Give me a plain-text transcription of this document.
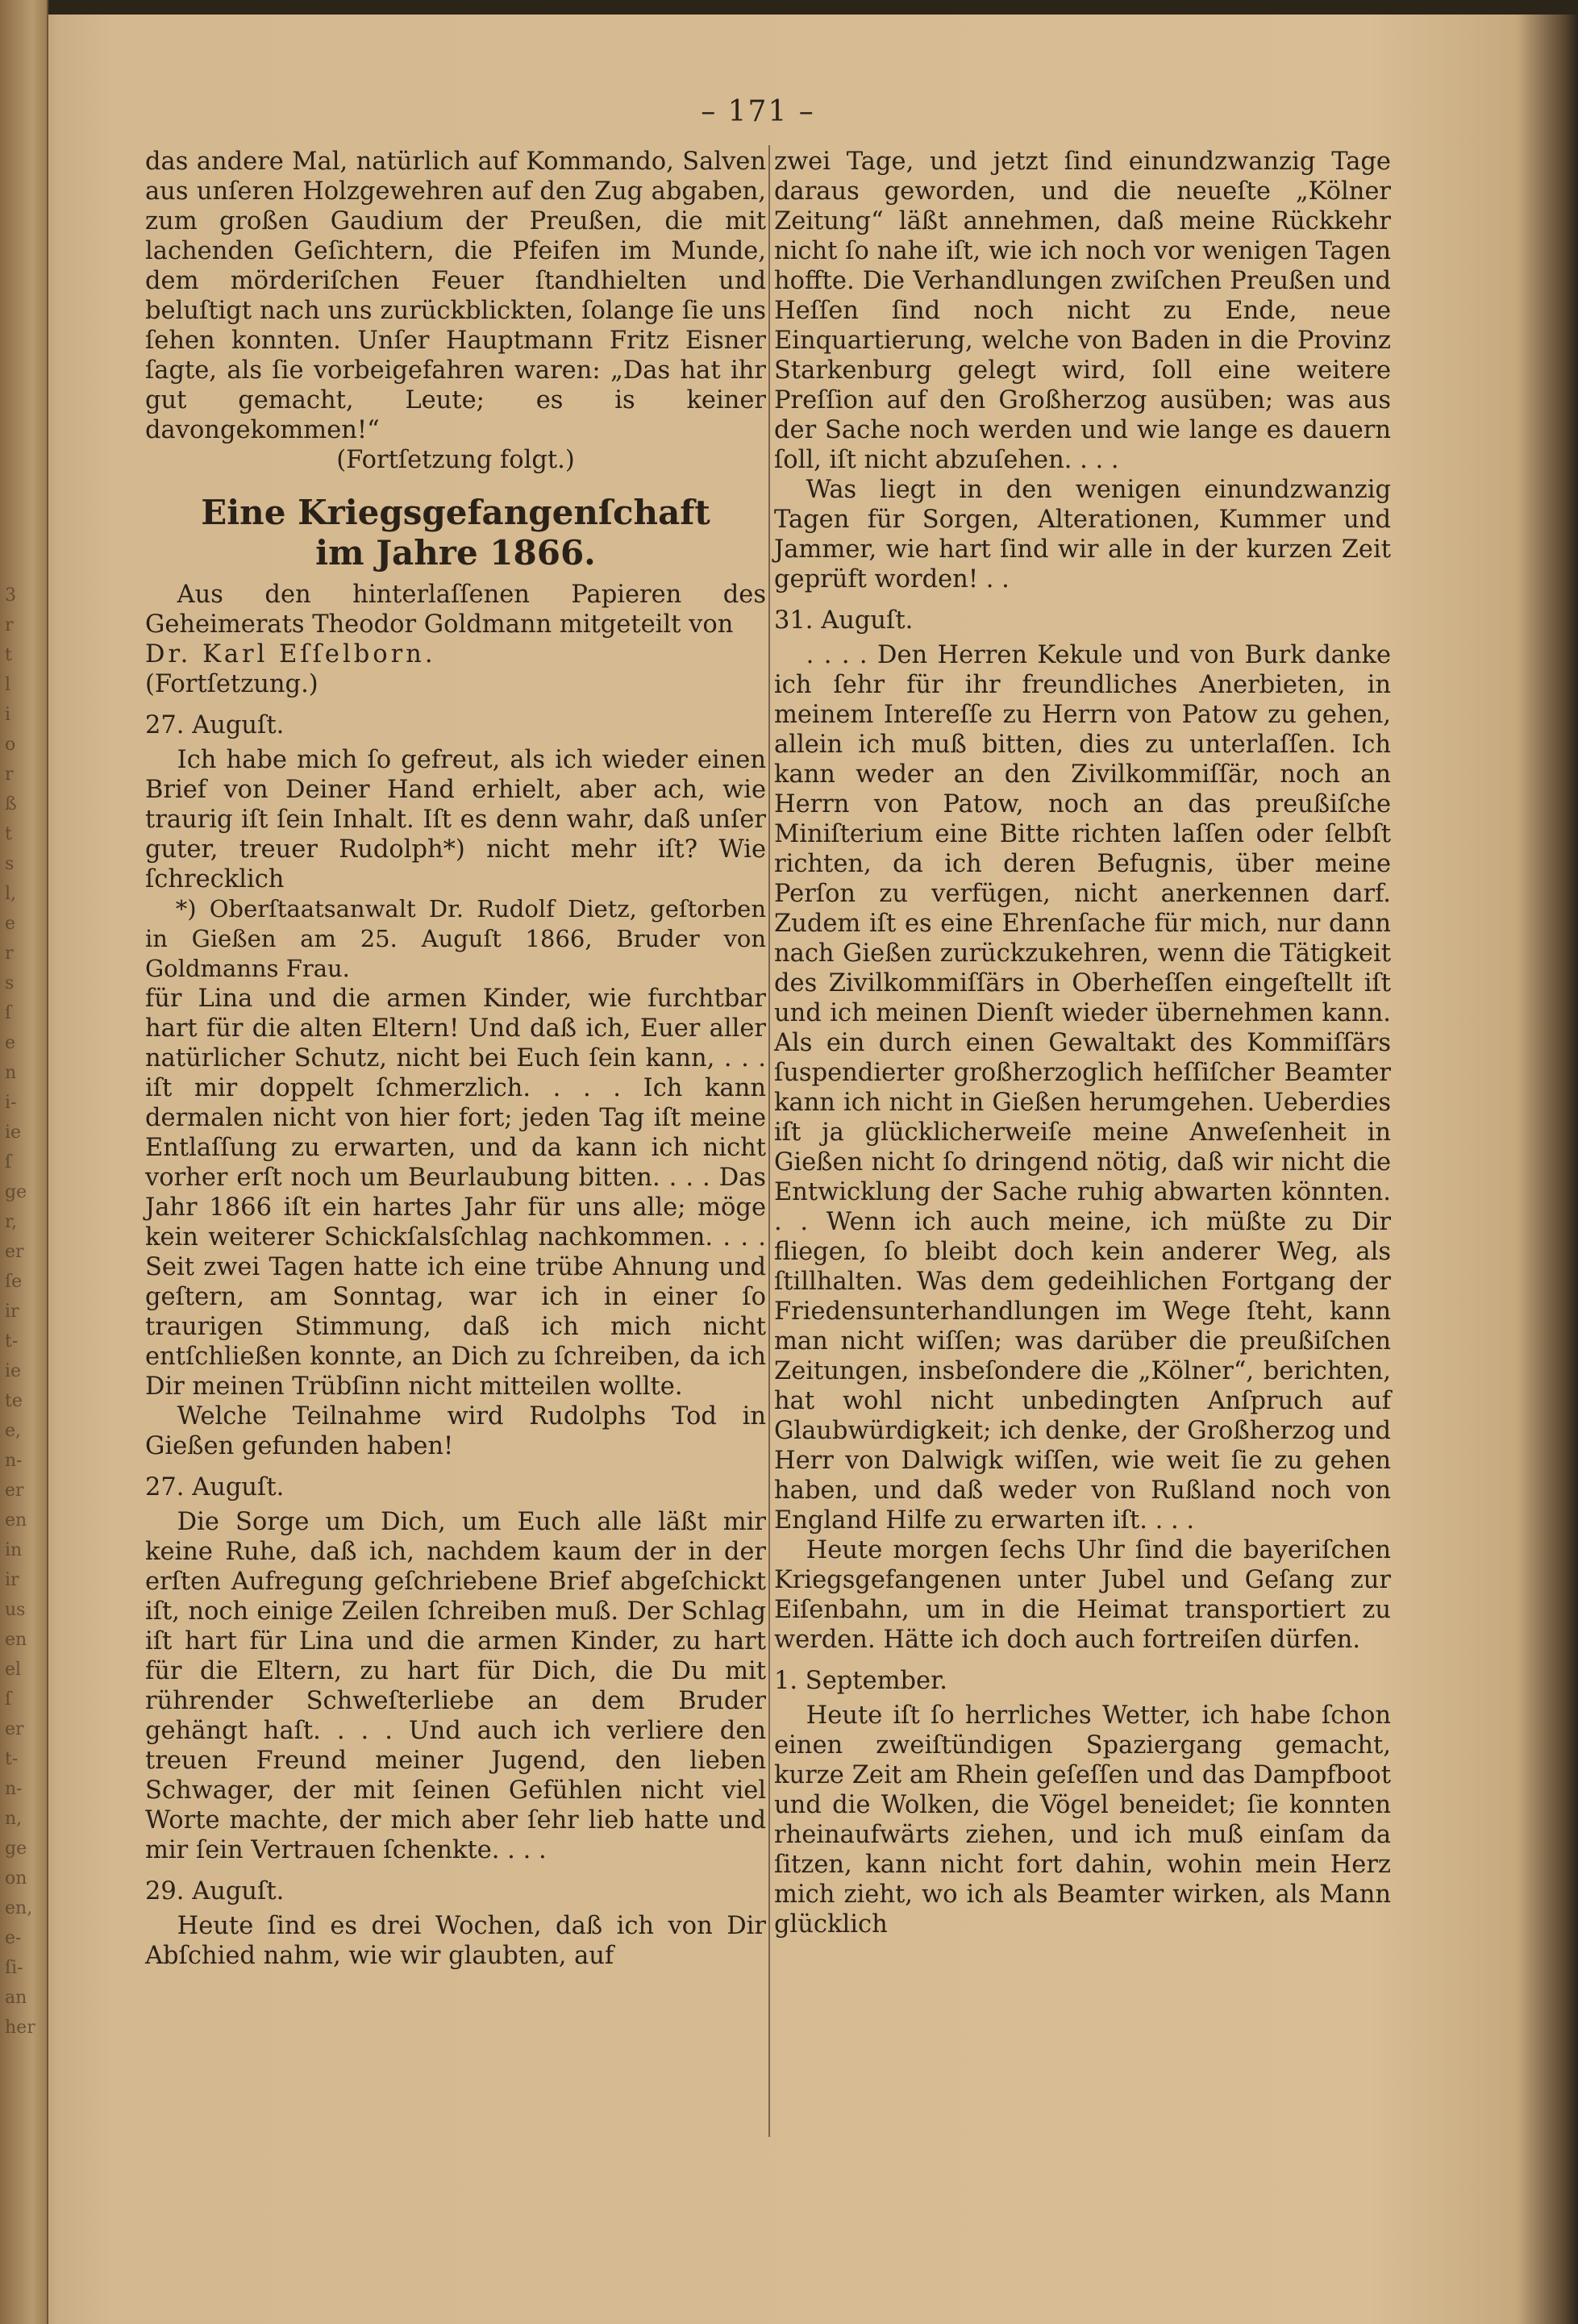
3
r
t
l
i
o
r
ß
t
s
l,
e
r
s
ſ
e
n
i-
ie
ſ
ge
r,
er
ſe
ir
t-
ie
te
e,
n-
er
en
in
ir
us
en
el
ſ
er
t-
n-
n,
ge
on
en,
e-
ſi-
an
her
– 171 –

das andere Mal, natürlich auf Kommando, Salven aus unſeren Holzgewehren auf den Zug abgaben, zum großen Gaudium der Preußen, die mit lachenden Geſichtern, die Pfeifen im Munde, dem mörderiſchen Feuer ſtandhielten und beluſtigt nach uns zurückblickten, ſolange ſie uns ſehen konnten. Unſer Hauptmann Fritz Eisner ſagte, als ſie vorbeigefahren waren: „Das hat ihr gut gemacht, Leute; es is keiner davongekommen!“

(Fortſetzung folgt.)

Eine Kriegsgefangenſchaft
im Jahre 1866.

Aus den hinterlaſſenen Papieren des Geheimerats Theodor Goldmann mitgeteilt von

Dr. Karl Eſſelborn.

(Fortſetzung.)

27. Auguſt.

Ich habe mich ſo gefreut, als ich wieder einen Brief von Deiner Hand erhielt, aber ach, wie traurig iſt ſein Inhalt. Iſt es denn wahr, daß unſer guter, treuer Rudolph*) nicht mehr iſt? Wie ſchrecklich

*) Oberſtaatsanwalt Dr. Rudolf Dietz, geſtorben in Gießen am 25. Auguſt 1866, Bruder von Goldmanns Frau.

für Lina und die armen Kinder, wie furchtbar hart für die alten Eltern! Und daß ich, Euer aller natürlicher Schutz, nicht bei Euch ſein kann, . . . iſt mir doppelt ſchmerzlich. . . . Ich kann dermalen nicht von hier fort; jeden Tag iſt meine Entlaſſung zu erwarten, und da kann ich nicht vorher erſt noch um Beurlaubung bitten. . . . Das Jahr 1866 iſt ein hartes Jahr für uns alle; möge kein weiterer Schickſalsſchlag nachkommen. . . . Seit zwei Tagen hatte ich eine trübe Ahnung und geſtern, am Sonntag, war ich in einer ſo traurigen Stimmung, daß ich mich nicht entſchließen konnte, an Dich zu ſchreiben, da ich Dir meinen Trübſinn nicht mitteilen wollte.

Welche Teilnahme wird Rudolphs Tod in Gießen gefunden haben!

27. Auguſt.

Die Sorge um Dich, um Euch alle läßt mir keine Ruhe, daß ich, nachdem kaum der in der erſten Aufregung geſchriebene Brief abgeſchickt iſt, noch einige Zeilen ſchreiben muß. Der Schlag iſt hart für Lina und die armen Kinder, zu hart für die Eltern, zu hart für Dich, die Du mit rührender Schweſterliebe an dem Bruder gehängt haſt. . . . Und auch ich verliere den treuen Freund meiner Jugend, den lieben Schwager, der mit ſeinen Gefühlen nicht viel Worte machte, der mich aber ſehr lieb hatte und mir ſein Vertrauen ſchenkte. . . .

29. Auguſt.

Heute ſind es drei Wochen, daß ich von Dir Abſchied nahm, wie wir glaubten, auf

zwei Tage, und jetzt ſind einundzwanzig Tage daraus geworden, und die neueſte „Kölner Zeitung“ läßt annehmen, daß meine Rückkehr nicht ſo nahe iſt, wie ich noch vor wenigen Tagen hoffte. Die Verhandlungen zwiſchen Preußen und Heſſen ſind noch nicht zu Ende, neue Einquartierung, welche von Baden in die Provinz Starkenburg gelegt wird, ſoll eine weitere Preſſion auf den Großherzog ausüben; was aus der Sache noch werden und wie lange es dauern ſoll, iſt nicht abzuſehen. . . .

Was liegt in den wenigen einundzwanzig Tagen für Sorgen, Alterationen, Kummer und Jammer, wie hart ſind wir alle in der kurzen Zeit geprüft worden! . .

31. Auguſt.

. . . . Den Herren Kekule und von Burk danke ich ſehr für ihr freundliches Anerbieten, in meinem Intereſſe zu Herrn von Patow zu gehen, allein ich muß bitten, dies zu unterlaſſen. Ich kann weder an den Zivilkommiſſär, noch an Herrn von Patow, noch an das preußiſche Miniſterium eine Bitte richten laſſen oder ſelbſt richten, da ich deren Befugnis, über meine Perſon zu verfügen, nicht anerkennen darf. Zudem iſt es eine Ehrenſache für mich, nur dann nach Gießen zurückzukehren, wenn die Tätigkeit des Zivilkommiſſärs in Oberheſſen eingeſtellt iſt und ich meinen Dienſt wieder übernehmen kann. Als ein durch einen Gewaltakt des Kommiſſärs ſuspendierter großherzoglich heſſiſcher Beamter kann ich nicht in Gießen herumgehen. Ueberdies iſt ja glücklicherweiſe meine Anweſenheit in Gießen nicht ſo dringend nötig, daß wir nicht die Entwicklung der Sache ruhig abwarten könnten. . . Wenn ich auch meine, ich müßte zu Dir fliegen, ſo bleibt doch kein anderer Weg, als ſtillhalten. Was dem gedeihlichen Fortgang der Friedensunterhandlungen im Wege ſteht, kann man nicht wiſſen; was darüber die preußiſchen Zeitungen, insbeſondere die „Kölner“, berichten, hat wohl nicht unbedingten Anſpruch auf Glaubwürdigkeit; ich denke, der Großherzog und Herr von Dalwigk wiſſen, wie weit ſie zu gehen haben, und daß weder von Rußland noch von England Hilfe zu erwarten iſt. . . .

Heute morgen ſechs Uhr ſind die bayeriſchen Kriegsgefangenen unter Jubel und Geſang zur Eiſenbahn, um in die Heimat transportiert zu werden. Hätte ich doch auch fortreiſen dürfen.

1. September.

Heute iſt ſo herrliches Wetter, ich habe ſchon einen zweiſtündigen Spaziergang gemacht, kurze Zeit am Rhein geſeſſen und das Dampfboot und die Wolken, die Vögel beneidet; ſie konnten rheinaufwärts ziehen, und ich muß einſam da ſitzen, kann nicht fort dahin, wohin mein Herz mich zieht, wo ich als Beamter wirken, als Mann glücklich
